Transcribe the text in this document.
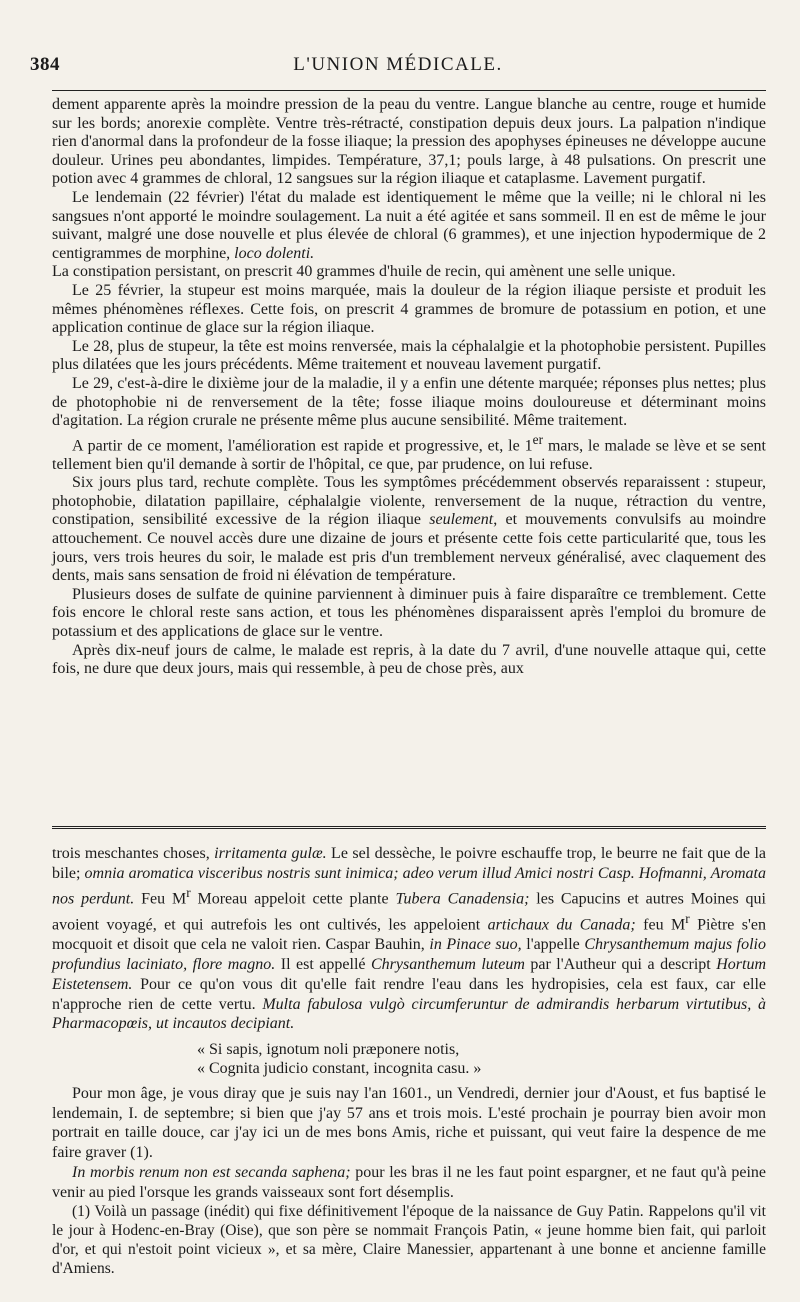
384	L'UNION MÉDICALE.

dement apparente après la moindre pression de la peau du ventre. Langue blanche au centre, rouge et humide sur les bords; anorexie complète. Ventre très-rétracté, constipation depuis deux jours. La palpation n'indique rien d'anormal dans la profondeur de la fosse iliaque; la pression des apophyses épineuses ne développe aucune douleur. Urines peu abondantes, limpides. Température, 37,1; pouls large, à 48 pulsations. On prescrit une potion avec 4 grammes de chloral, 12 sangsues sur la région iliaque et cataplasme. Lavement purgatif.

Le lendemain (22 février) l'état du malade est identiquement le même que la veille; ni le chloral ni les sangsues n'ont apporté le moindre soulagement. La nuit a été agitée et sans sommeil. Il en est de même le jour suivant, malgré une dose nouvelle et plus élevée de chloral (6 grammes), et une injection hypodermique de 2 centigrammes de morphine, loco dolenti.

La constipation persistant, on prescrit 40 grammes d'huile de recin, qui amènent une selle unique.

Le 25 février, la stupeur est moins marquée, mais la douleur de la région iliaque persiste et produit les mêmes phénomènes réflexes. Cette fois, on prescrit 4 grammes de bromure de potassium en potion, et une application continue de glace sur la région iliaque.

Le 28, plus de stupeur, la tête est moins renversée, mais la céphalalgie et la photophobie persistent. Pupilles plus dilatées que les jours précédents. Même traitement et nouveau lavement purgatif.

Le 29, c'est-à-dire le dixième jour de la maladie, il y a enfin une détente marquée; réponses plus nettes; plus de photophobie ni de renversement de la tête; fosse iliaque moins douloureuse et déterminant moins d'agitation. La région crurale ne présente même plus aucune sensibilité. Même traitement.

A partir de ce moment, l'amélioration est rapide et progressive, et, le 1er mars, le malade se lève et se sent tellement bien qu'il demande à sortir de l'hôpital, ce que, par prudence, on lui refuse.

Six jours plus tard, rechute complète. Tous les symptômes précédemment observés reparaissent : stupeur, photophobie, dilatation papillaire, céphalalgie violente, renversement de la nuque, rétraction du ventre, constipation, sensibilité excessive de la région iliaque seulement, et mouvements convulsifs au moindre attouchement. Ce nouvel accès dure une dizaine de jours et présente cette fois cette particularité que, tous les jours, vers trois heures du soir, le malade est pris d'un tremblement nerveux généralisé, avec claquement des dents, mais sans sensation de froid ni élévation de température.

Plusieurs doses de sulfate de quinine parviennent à diminuer puis à faire disparaître ce tremblement. Cette fois encore le chloral reste sans action, et tous les phénomènes disparaissent après l'emploi du bromure de potassium et des applications de glace sur le ventre.

Après dix-neuf jours de calme, le malade est repris, à la date du 7 avril, d'une nouvelle attaque qui, cette fois, ne dure que deux jours, mais qui ressemble, à peu de chose près, aux

trois meschantes choses, irritamenta gulæ. Le sel dessèche, le poivre eschauffe trop, le beurre ne fait que de la bile; omnia aromatica visceribus nostris sunt inimica; adeo verum illud Amici nostri Casp. Hofmanni, Aromata nos perdunt. Feu $M^r$ Moreau appeloit cette plante Tubera Canadensia; les Capucins et autres Moines qui avoient voyagé, et qui autrefois les ont cultivés, les appeloient artichaux du Canada; feu $M^r$ Piètre s'en mocquoit et disoit que cela ne valoit rien. Caspar Bauhin, in Pinace suo, l'appelle Chrysanthemum majus folio profundius laciniato, flore magno. Il est appellé Chrysanthemum luteum par l'Autheur qui a descript Hortum Eistetensem. Pour ce qu'on vous dit qu'elle fait rendre l'eau dans les hydropisies, cela est faux, car elle n'approche rien de cette vertu. Multa fabulosa vulgò circumferuntur de admirandis herbarum virtutibus, à Pharmacopœis, ut incautos decipiant.

« Si sapis, ignotum noli præponere notis,
« Cognita judicio constant, incognita casu. »

Pour mon âge, je vous diray que je suis nay l'an 1601., un Vendredi, dernier jour d'Aoust, et fus baptisé le lendemain, I. de septembre; si bien que j'ay 57 ans et trois mois. L'esté prochain je pourray bien avoir mon portrait en taille douce, car j'ay ici un de mes bons Amis, riche et puissant, qui veut faire la despence de me faire graver (1).

In morbis renum non est secanda saphena; pour les bras il ne les faut point espargner, et ne faut qu'à peine venir au pied l'orsque les grands vaisseaux sont fort désemplis.

(1) Voilà un passage (inédit) qui fixe définitivement l'époque de la naissance de Guy Patin. Rappelons qu'il vit le jour à Hodenc-en-Bray (Oise), que son père se nommait François Patin, « jeune homme bien fait, qui parloit d'or, et qui n'estoit point vicieux », et sa mère, Claire Manessier, appartenant à une bonne et ancienne famille d'Amiens.
